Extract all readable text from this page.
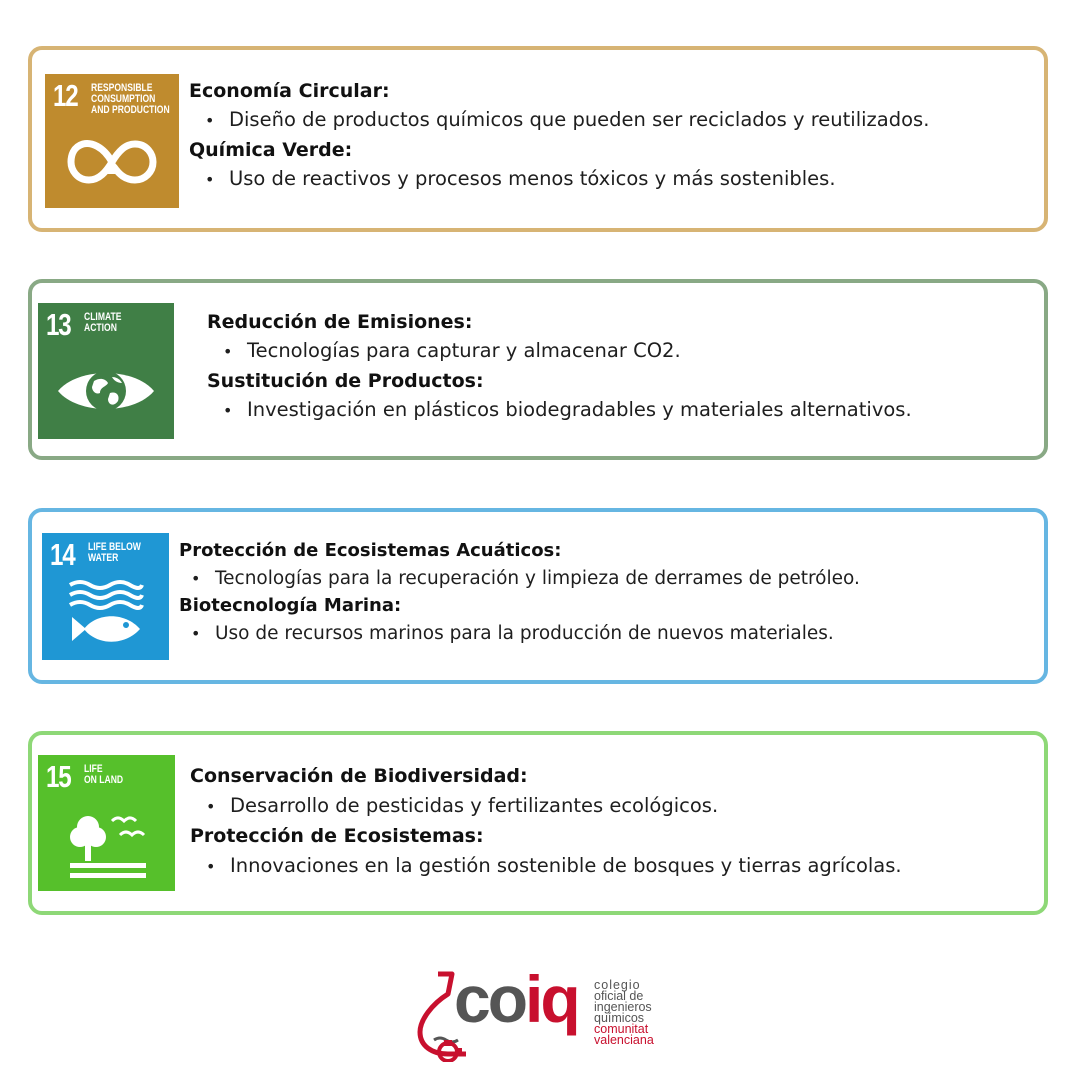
12 RESPONSIBLE
CONSUMPTION
AND PRODUCTION
Economía Circular:
• Diseño de productos químicos que pueden ser reciclados y reutilizados.
Química Verde:
• Uso de reactivos y procesos menos tóxicos y más sostenibles.
13 CLIMATE
ACTION	Reducción de Emisiones:
• Tecnologías para capturar y almacenar CO2.
Sustitución de Productos:
• Investigación en plásticos biodegradables y materiales alternativos.
14 LIFE BELOW
WATER	Protección de Ecosistemas Acuáticos:
• Tecnologías para la recuperación y limpieza de derrames de petróleo.
Biotecnología Marina:
• Uso de recursos marinos para la producción de nuevos materiales.
15 LIFE
ON LAND	Conservación de Biodiversidad:
• Desarrollo de pesticidas y fertilizantes ecológicos.
Protección de Ecosistemas:
• Innovaciones en la gestión sostenible de bosques y tierras agrícolas.
coiq colegio
oficial de
ingenieros
químicos
comunitat
valenciana
